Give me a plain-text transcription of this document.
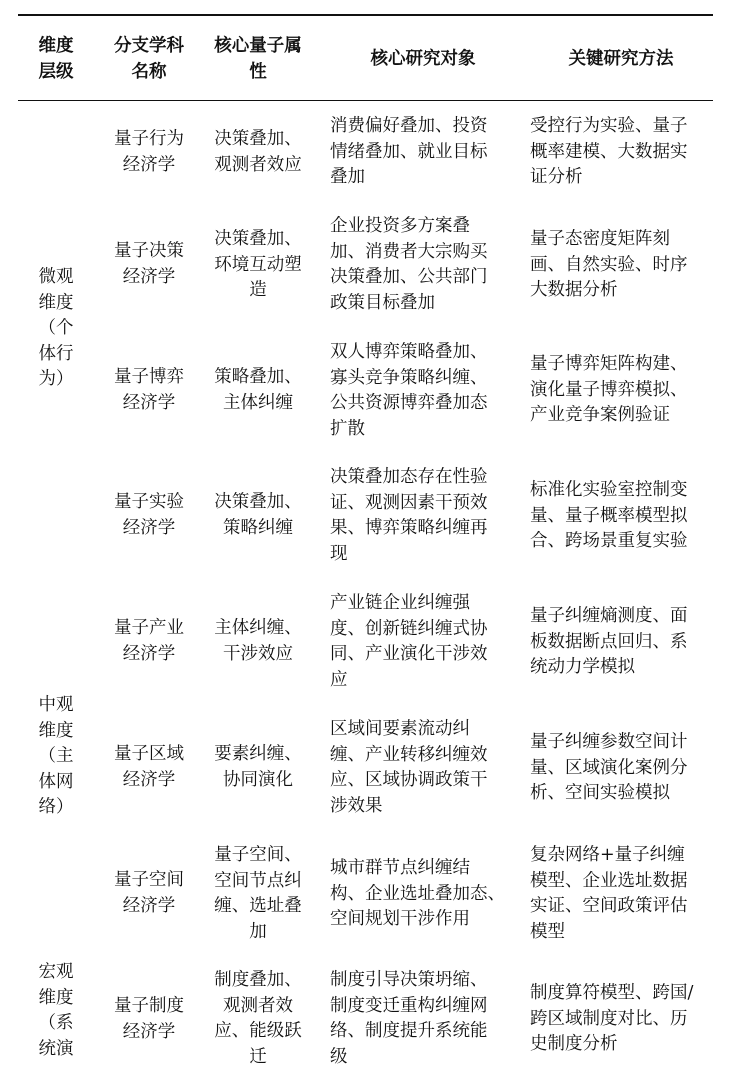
维度
层级
分支学科
名称
核心量子属
性
核心研究对象	关键研究方法
微观
维度
（个
体行
为）
中观
维度
（主
体网
络）
宏观
维度
（系
统演
量子行为
经济学
决策叠加、
观测者效应
消费偏好叠加、投资
情绪叠加、就业目标
叠加
受控行为实验、量子
概率建模、大数据实
证分析
量子决策
经济学
决策叠加、
环境互动塑
造
企业投资多方案叠
加、消费者大宗购买
决策叠加、公共部门
政策目标叠加
量子态密度矩阵刻
画、自然实验、时序
大数据分析
量子博弈
经济学
策略叠加、
主体纠缠
双人博弈策略叠加、
寡头竞争策略纠缠、
公共资源博弈叠加态
扩散
量子博弈矩阵构建、
演化量子博弈模拟、
产业竞争案例验证
量子实验
经济学
决策叠加、
策略纠缠
决策叠加态存在性验
证、观测因素干预效
果、博弈策略纠缠再
现
标准化实验室控制变
量、量子概率模型拟
合、跨场景重复实验
量子产业
经济学
主体纠缠、
干涉效应
产业链企业纠缠强
度、创新链纠缠式协
同、产业演化干涉效
应
量子纠缠熵测度、面
板数据断点回归、系
统动力学模拟
量子区域
经济学
要素纠缠、
协同演化
区域间要素流动纠
缠、产业转移纠缠效
应、区域协调政策干
涉效果
量子纠缠参数空间计
量、区域演化案例分
析、空间实验模拟
量子空间
经济学
量子空间、
空间节点纠
缠、选址叠
加
城市群节点纠缠结
构、企业选址叠加态、
空间规划干涉作用
复杂网络+量子纠缠
模型、企业选址数据
实证、空间政策评估
模型
量子制度
经济学
制度叠加、
观测者效
应、能级跃
迁
制度引导决策坍缩、
制度变迁重构纠缠网
络、制度提升系统能
级
制度算符模型、跨国/
跨区域制度对比、历
史制度分析
